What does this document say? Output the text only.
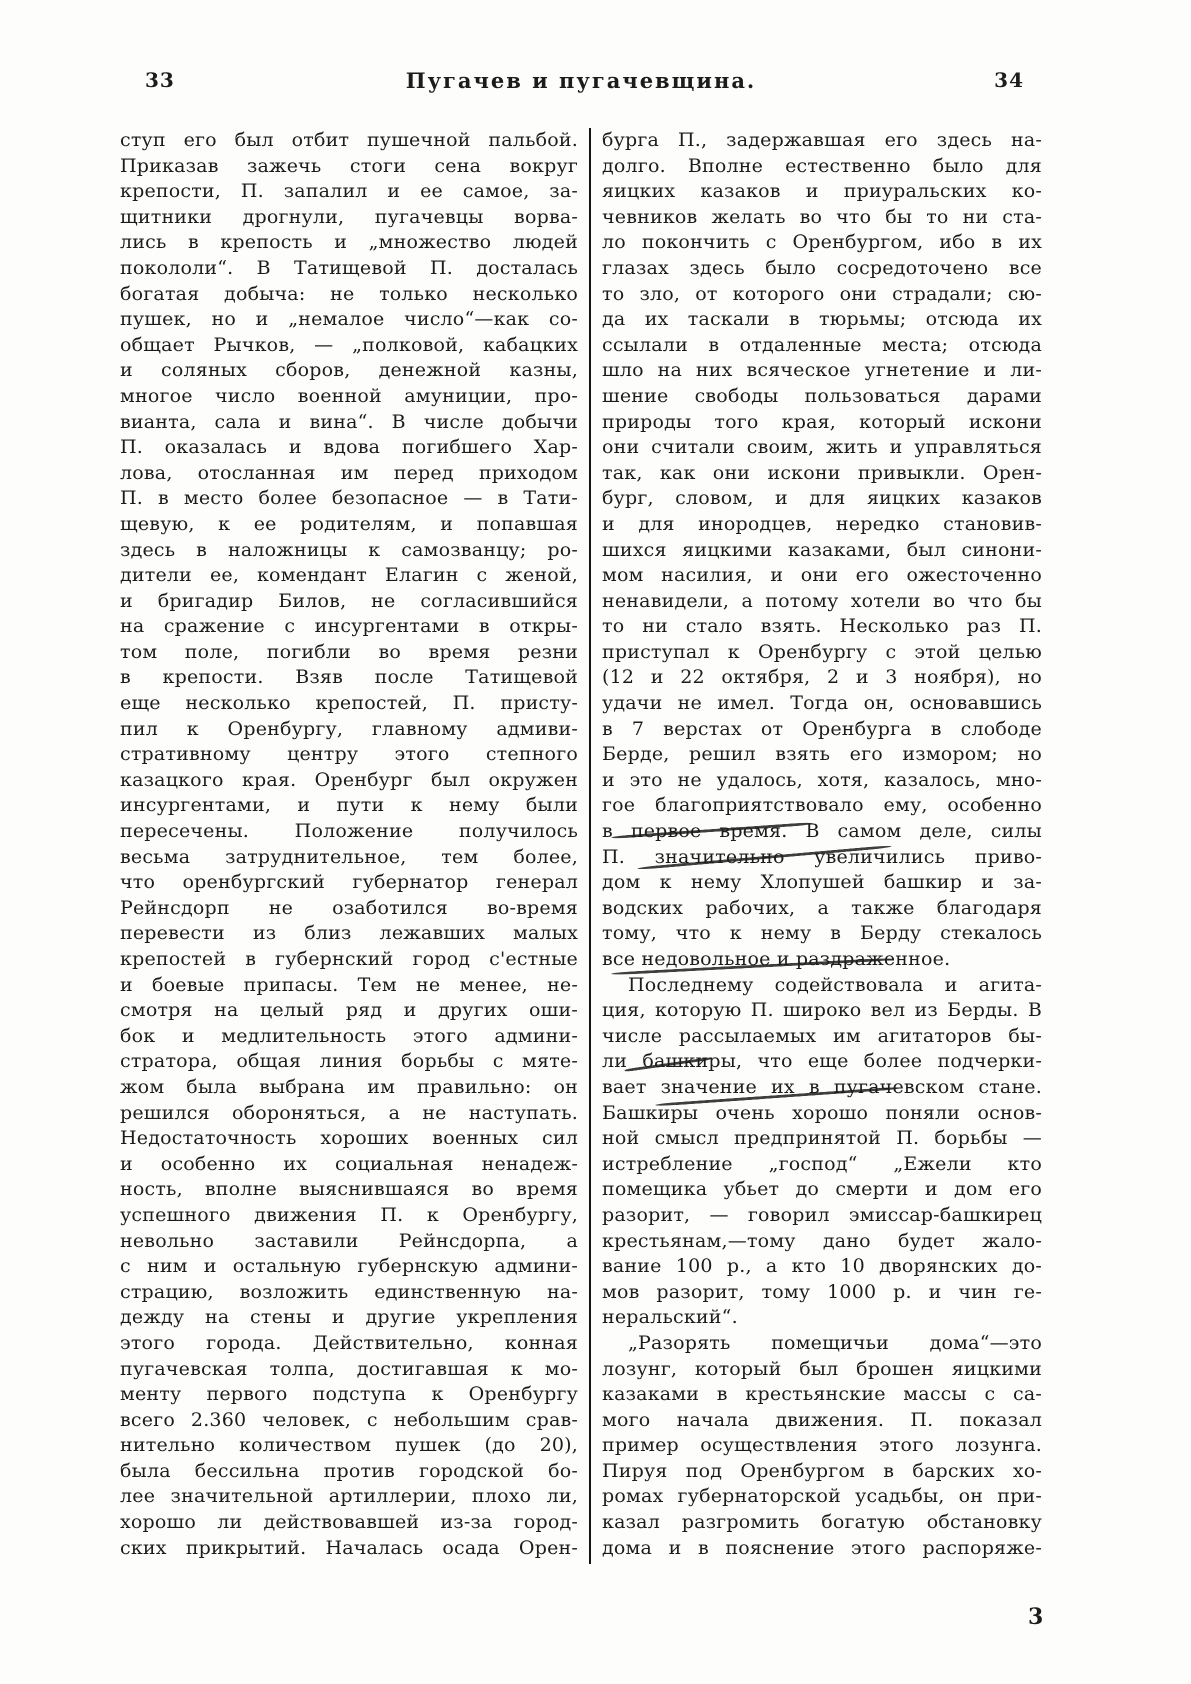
33	Пугачев и пугачевщина.	34
ступ его был отбит пушечной пальбой.
Приказав зажечь стоги сена вокруг
крепости, П. запалил и ее самое, за-
щитники дрогнули, пугачевцы ворва-
лись в крепость и „множество людей
покололи“. В Татищевой П. досталась
богатая добыча: не только несколько
пушек, но и „немалое число“—как со-
общает Рычков, — „полковой, кабацких
и соляных сборов, денежной казны,
многое число военной амуниции, про-
вианта, сала и вина“. В числе добычи
П. оказалась и вдова погибшего Хар-
лова, отосланная им перед приходом
П. в место более безопасное — в Тати-
щевую, к ее родителям, и попавшая
здесь в наложницы к самозванцу; ро-
дители ее, комендант Елагин с женой,
и бригадир Билов, не согласившийся
на сражение с инсургентами в откры-
том поле, погибли во время резни
в крепости. Взяв после Татищевой
еще несколько крепостей, П. присту-
пил к Оренбургу, главному адмиви-
стративному центру этого степного
казацкого края. Оренбург был окружен
инсургентами, и пути к нему были
пересечены. Положение получилось
весьма затруднительное, тем более,
что оренбургский губернатор генерал
Рейнсдорп не озаботился во-время
перевести из близ лежавших малых
крепостей в губернский город с'естные
и боевые припасы. Тем не менее, не-
смотря на целый ряд и других оши-
бок и медлительность этого админи-
стратора, общая линия борьбы с мяте-
жом была выбрана им правильно: он
решился обороняться, а не наступать.
Недостаточность хороших военных сил
и особенно их социальная ненадеж-
ность, вполне выяснившаяся во время
успешного движения П. к Оренбургу,
невольно заставили Рейнсдорпа, а
с ним и остальную губернскую админи-
страцию, возложить единственную на-
дежду на стены и другие укрепления
этого города. Действительно, конная
пугачевская толпа, достигавшая к мо-
менту первого подступа к Оренбургу
всего 2.360 человек, с небольшим срав-
нительно количеством пушек (до 20),
была бессильна против городской бо-
лее значительной артиллерии, плохо ли,
хорошо ли действовавшей из-за город-
ских прикрытий. Началась осада Орен-
бурга П., задержавшая его здесь на-
долго. Вполне естественно было для
яицких казаков и приуральских ко-
чевников желать во что бы то ни ста-
ло покончить с Оренбургом, ибо в их
глазах здесь было сосредоточено все
то зло, от которого они страдали; сю-
да их таскали в тюрьмы; отсюда их
ссылали в отдаленные места; отсюда
шло на них всяческое угнетение и ли-
шение свободы пользоваться дарами
природы того края, который искони
они считали своим, жить и управляться
так, как они искони привыкли. Орен-
бург, словом, и для яицких казаков
и для инородцев, нередко становив-
шихся яицкими казаками, был синони-
мом насилия, и они его ожесточенно
ненавидели, а потому хотели во что бы
то ни стало взять. Несколько раз П.
приступал к Оренбургу с этой целью
(12 и 22 октября, 2 и 3 ноября), но
удачи не имел. Тогда он, основавшись
в 7 верстах от Оренбурга в слободе
Берде, решил взять его измором; но
и это не удалось, хотя, казалось, мно-
гое благоприятствовало ему, особенно
в первое время. В самом деле, силы
П. значительно увеличились приво-
дом к нему Хлопушей башкир и за-
водских рабочих, а также благодаря
тому, что к нему в Берду стекалось
все недовольное и раздраженное.
Последнему содействовала и агита-
ция, которую П. широко вел из Берды. В
числе рассылаемых им агитаторов бы-
ли башкиры, что еще более подчерки-
вает значение их в пугачевском стане.
Башкиры очень хорошо поняли основ-
ной смысл предпринятой П. борьбы —
истребление „господ“ „Ежели кто
помещика убьет до смерти и дом его
разорит, — говорил эмиссар-башкирец
крестьянам,—тому дано будет жало-
вание 100 р., а кто 10 дворянских до-
мов разорит, тому 1000 р. и чин ге-
неральский“.
„Разорять помещичьи дома“—это
лозунг, который был брошен яицкими
казаками в крестьянские массы с са-
мого начала движения. П. показал
пример осуществления этого лозунга.
Пируя под Оренбургом в барских хо-
ромах губернаторской усадьбы, он при-
казал разгромить богатую обстановку
дома и в пояснение этого распоряже-
3
